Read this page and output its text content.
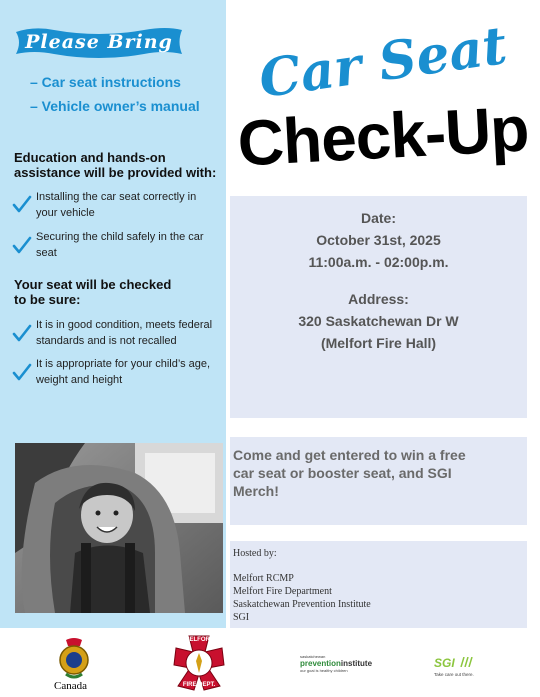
Please Bring
– Car seat instructions
– Vehicle owner’s manual
Education and hands-on
assistance will be provided with:
Installing the car seat correctly in
your vehicle
Securing the child safely in the car
seat
Your seat will be checked
to be sure:
It is in good condition, meets federal
standards and is not recalled
It is appropriate for your child’s age,
weight and height
Car Seat
Check-Up
Date:
October 31st, 2025
11:00a.m. - 02:00p.m.
Address:
320 Saskatchewan Dr W
(Melfort Fire Hall)
Come and get entered to win a free
car seat or booster seat, and SGI
Merch!
Hosted by:
Melfort RCMP
Melfort Fire Department
Saskatchewan Prevention Institute
SGI
Canada
MELFORT
FIRE DEPT.
saskatchewan
preventioninstitute
our goal is healthy children
SGI
Take care out there.
